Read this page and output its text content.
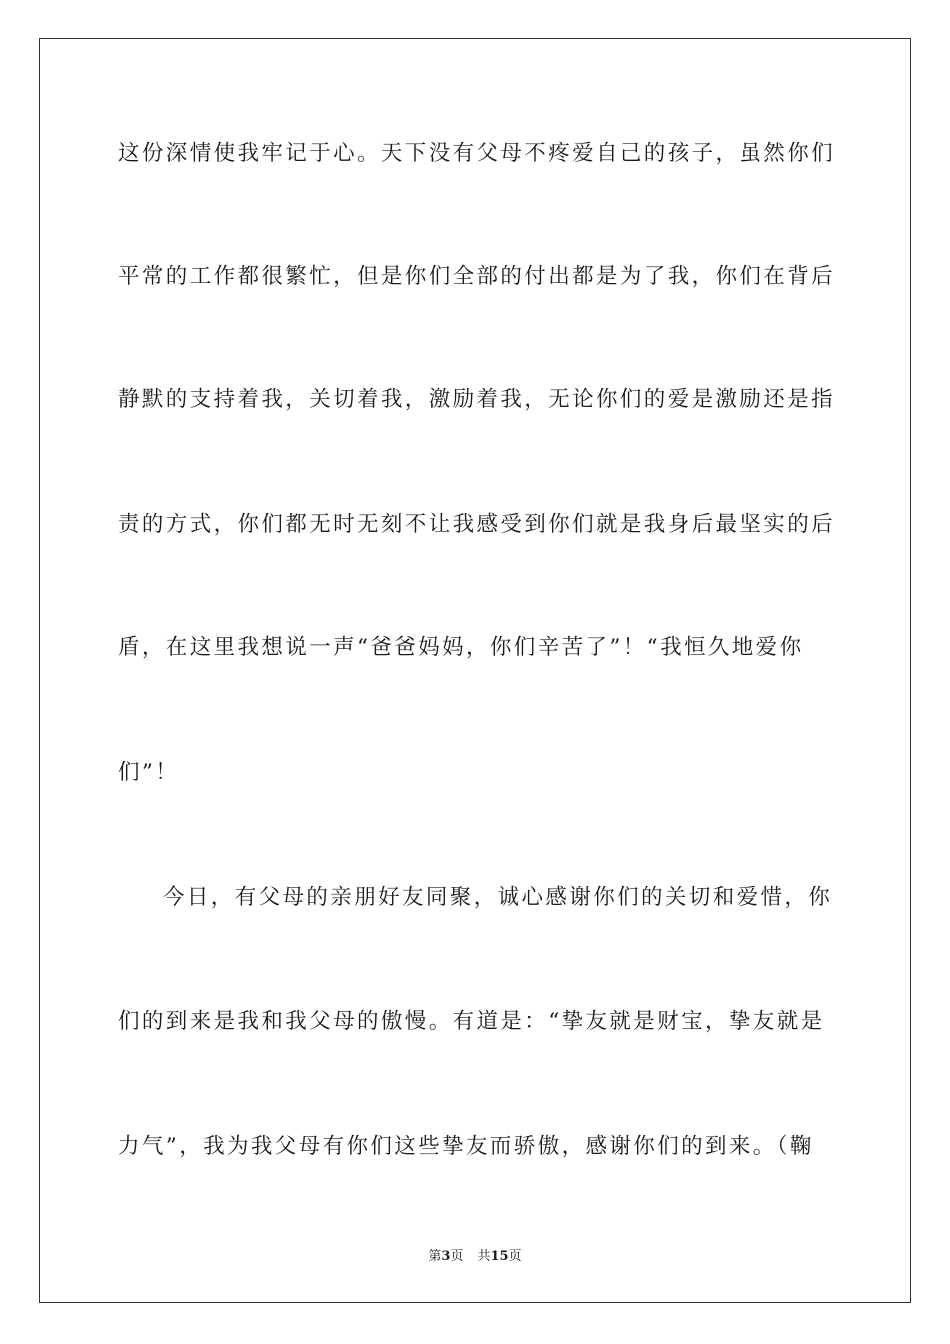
这份深情使我牢记于心。天下没有父母不疼爱自己的孩子，虽然你们
平常的工作都很繁忙，但是你们全部的付出都是为了我，你们在背后
静默的支持着我，关切着我，激励着我，无论你们的爱是激励还是指
责的方式，你们都无时无刻不让我感受到你们就是我身后最坚实的后
盾，在这里我想说一声“爸爸妈妈，你们辛苦了”！“我恒久地爱你
们”！
今日，有父母的亲朋好友同聚，诚心感谢你们的关切和爱惜，你
们的到来是我和我父母的傲慢。有道是：“挚友就是财宝，挚友就是
力气”，我为我父母有你们这些挚友而骄傲，感谢你们的到来。（鞠
第3页 共15页
